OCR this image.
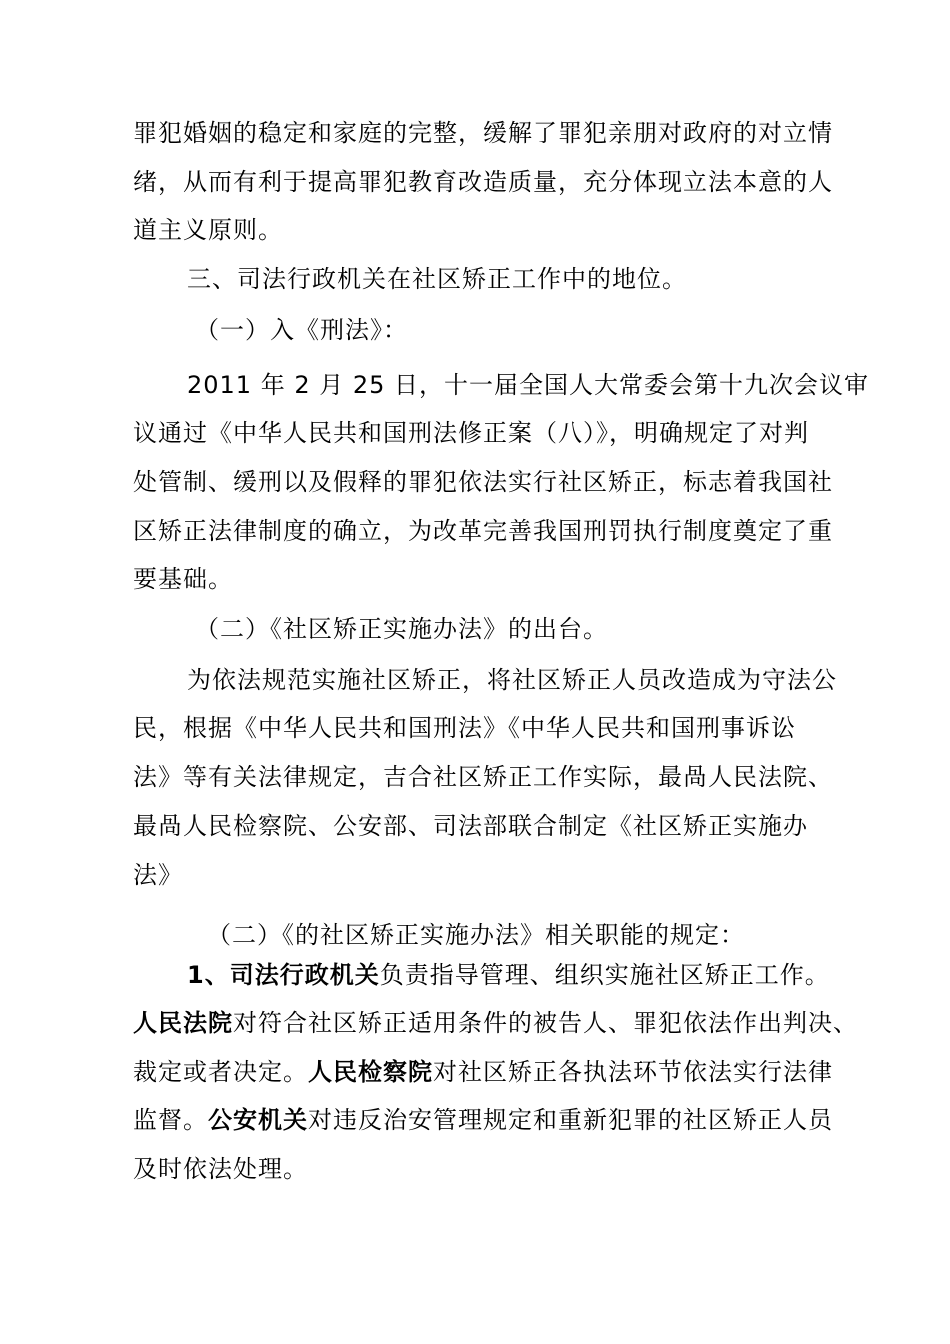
罪犯婚姻的稳定和家庭的完整，缓解了罪犯亲朋对政府的对立情
绪，从而有利于提高罪犯教育改造质量，充分体现立法本意的人
道主义原则。
三、司法行政机关在社区矫正工作中的地位。
（一）入《刑法》：
2011 年 2 月 25 日，十一届全国人大常委会第十九次会议审
议通过《中华人民共和国刑法修正案（八）》，明确规定了对判
处管制、缓刑以及假释的罪犯依法实行社区矫正，标志着我国社
区矫正法律制度的确立，为改革完善我国刑罚执行制度奠定了重
要基础。
（二）《社区矫正实施办法》的出台。
为依法规范实施社区矫正，将社区矫正人员改造成为守法公
民，根据《中华人民共和国刑法》《中华人民共和国刑事诉讼
法》等有关法律规定，吉合社区矫正工作实际，最咼人民法院、
最咼人民检察院、公安部、司法部联合制定《社区矫正实施办
法》
（二）《的社区矫正实施办法》相关职能的规定：
1、司法行政机关负责指导管理、组织实施社区矫正工作。
人民法院对符合社区矫正适用条件的被告人、罪犯依法作出判决、
裁定或者决定。人民检察院对社区矫正各执法环节依法实行法律
监督。公安机关对违反治安管理规定和重新犯罪的社区矫正人员
及时依法处理。
